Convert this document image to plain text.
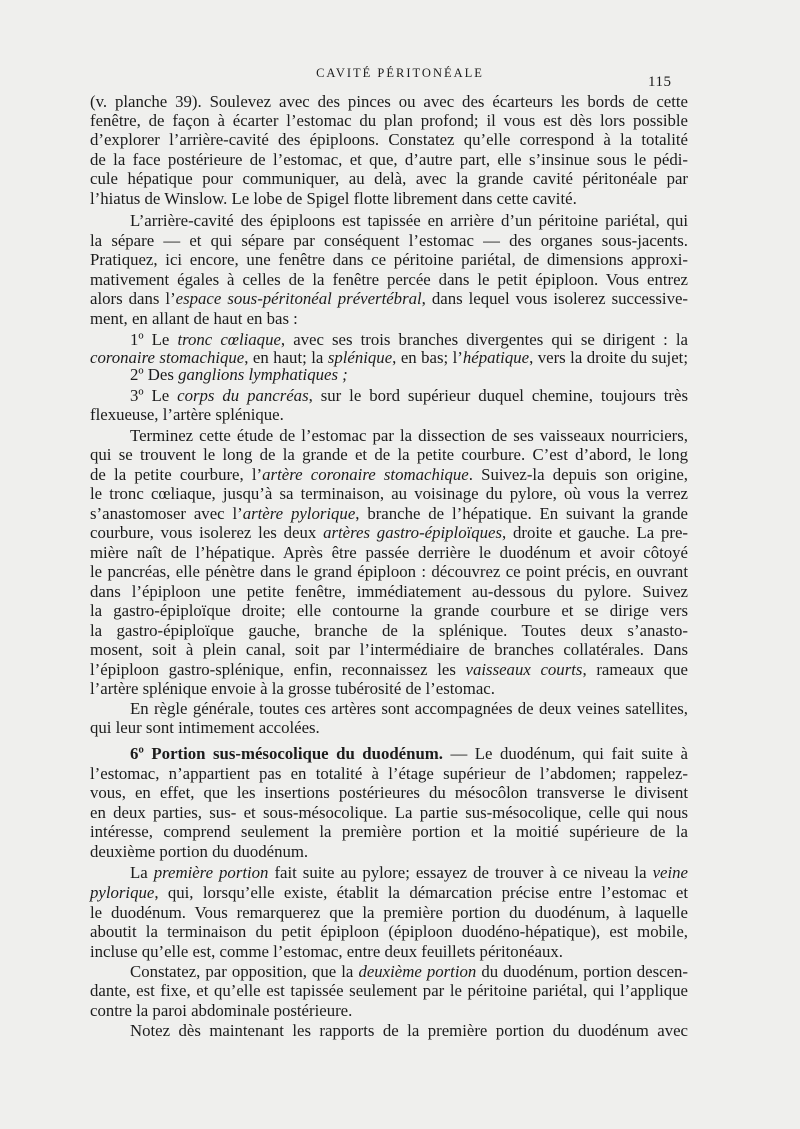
CAVITÉ PÉRITONÉALE
115
(v. planche 39). Soulevez avec des pinces ou avec des écarteurs les bords de cette
fenêtre, de façon à écarter l’estomac du plan profond; il vous est dès lors possible
d’explorer l’arrière-cavité des épiploons. Constatez qu’elle correspond à la totalité
de la face postérieure de l’estomac, et que, d’autre part, elle s’insinue sous le pédi-
cule hépatique pour communiquer, au delà, avec la grande cavité péritonéale par
l’hiatus de Winslow. Le lobe de Spigel flotte librement dans cette cavité.
L’arrière-cavité des épiploons est tapissée en arrière d’un péritoine pariétal, qui
la sépare — et qui sépare par conséquent l’estomac — des organes sous-jacents.
Pratiquez, ici encore, une fenêtre dans ce péritoine pariétal, de dimensions approxi-
mativement égales à celles de la fenêtre percée dans le petit épiploon. Vous entrez
alors dans l’espace sous-péritonéal prévertébral, dans lequel vous isolerez successive-
ment, en allant de haut en bas :
1º Le tronc cœliaque, avec ses trois branches divergentes qui se dirigent : la
coronaire stomachique, en haut; la splénique, en bas; l’hépatique, vers la droite du sujet;
2º Des ganglions lymphatiques ;
3º Le corps du pancréas, sur le bord supérieur duquel chemine, toujours très
flexueuse, l’artère splénique.
Terminez cette étude de l’estomac par la dissection de ses vaisseaux nourriciers,
qui se trouvent le long de la grande et de la petite courbure. C’est d’abord, le long
de la petite courbure, l’artère coronaire stomachique. Suivez-la depuis son origine,
le tronc cœliaque, jusqu’à sa terminaison, au voisinage du pylore, où vous la verrez
s’anastomoser avec l’artère pylorique, branche de l’hépatique. En suivant la grande
courbure, vous isolerez les deux artères gastro-épiploïques, droite et gauche. La pre-
mière naît de l’hépatique. Après être passée derrière le duodénum et avoir côtoyé
le pancréas, elle pénètre dans le grand épiploon : découvrez ce point précis, en ouvrant
dans l’épiploon une petite fenêtre, immédiatement au-dessous du pylore. Suivez
la gastro-épiploïque droite; elle contourne la grande courbure et se dirige vers
la gastro-épiploïque gauche, branche de la splénique. Toutes deux s’anasto-
mosent, soit à plein canal, soit par l’intermédiaire de branches collatérales. Dans
l’épiploon gastro-splénique, enfin, reconnaissez les vaisseaux courts, rameaux que
l’artère splénique envoie à la grosse tubérosité de l’estomac.
En règle générale, toutes ces artères sont accompagnées de deux veines satellites,
qui leur sont intimement accolées.
6º Portion sus-mésocolique du duodénum. — Le duodénum, qui fait suite à
l’estomac, n’appartient pas en totalité à l’étage supérieur de l’abdomen; rappelez-
vous, en effet, que les insertions postérieures du mésocôlon transverse le divisent
en deux parties, sus- et sous-mésocolique. La partie sus-mésocolique, celle qui nous
intéresse, comprend seulement la première portion et la moitié supérieure de la
deuxième portion du duodénum.
La première portion fait suite au pylore; essayez de trouver à ce niveau la veine
pylorique, qui, lorsqu’elle existe, établit la démarcation précise entre l’estomac et
le duodénum. Vous remarquerez que la première portion du duodénum, à laquelle
aboutit la terminaison du petit épiploon (épiploon duodéno-hépatique), est mobile,
incluse qu’elle est, comme l’estomac, entre deux feuillets péritonéaux.
Constatez, par opposition, que la deuxième portion du duodénum, portion descen-
dante, est fixe, et qu’elle est tapissée seulement par le péritoine pariétal, qui l’applique
contre la paroi abdominale postérieure.
Notez dès maintenant les rapports de la première portion du duodénum avec
